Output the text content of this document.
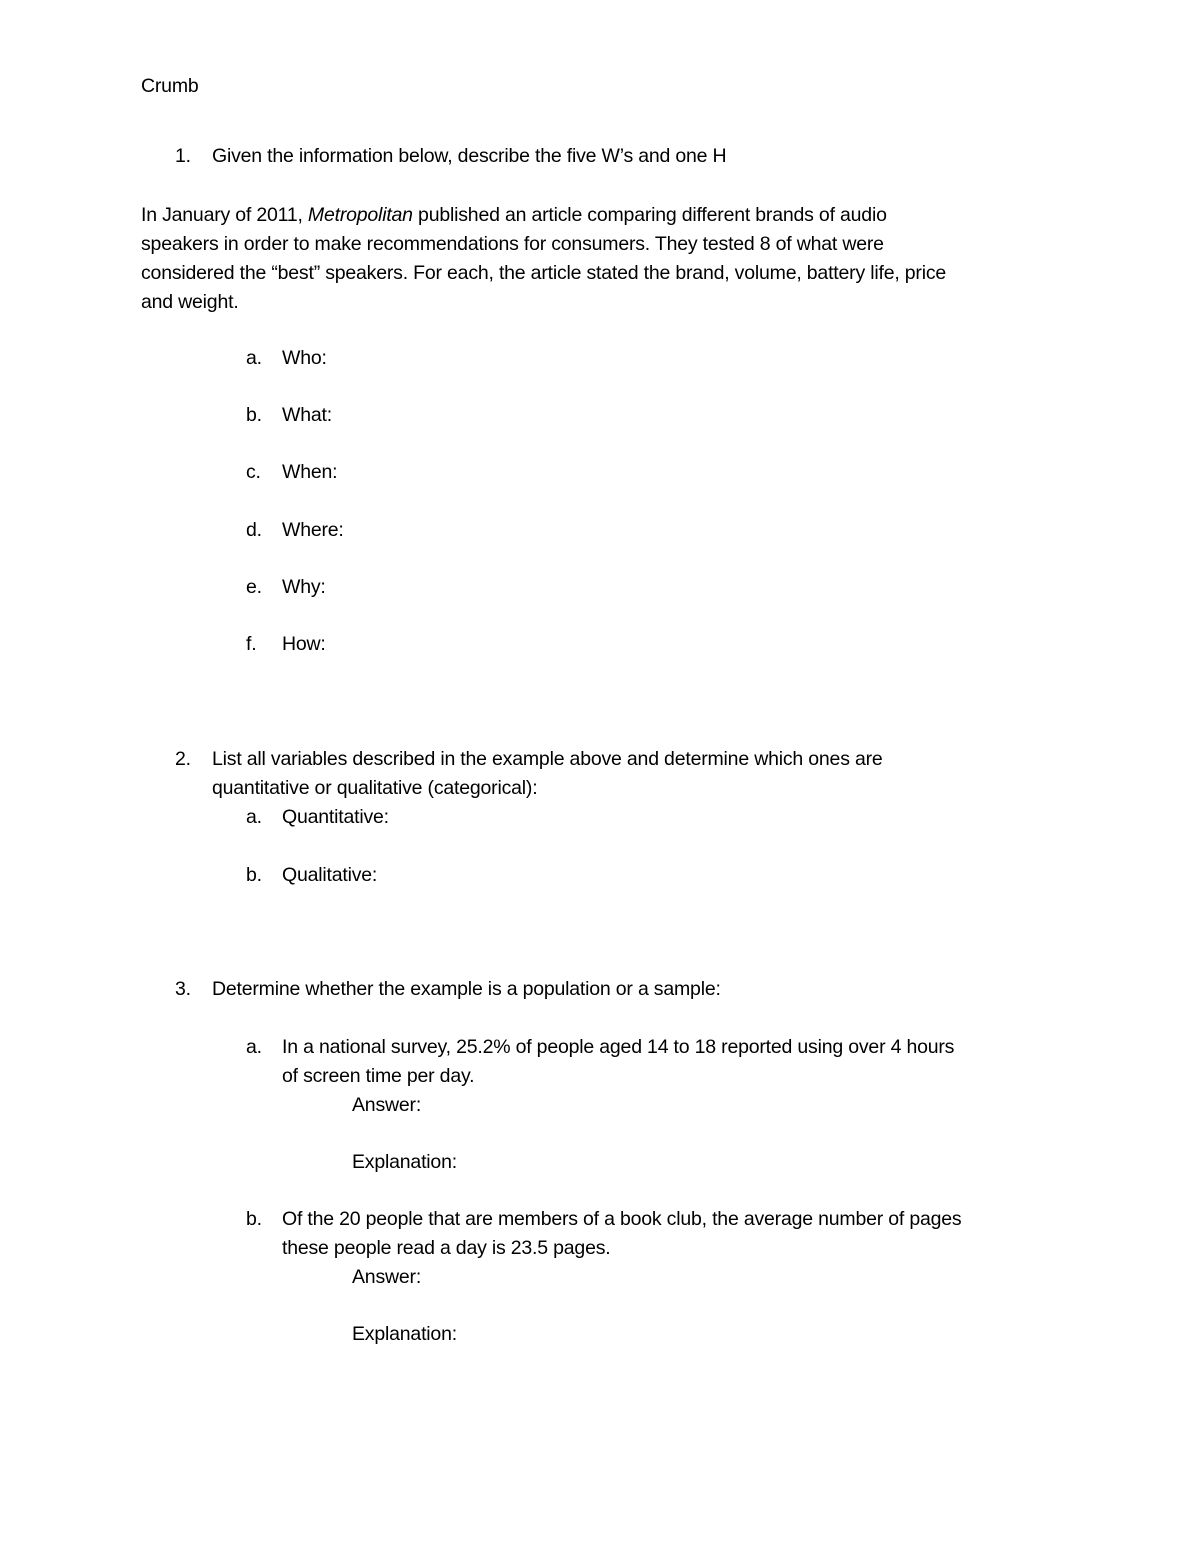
Crumb
1. Given the information below, describe the five W’s and one H
In January of 2011, Metropolitan published an article comparing different brands of audio
speakers in order to make recommendations for consumers. They tested 8 of what were
considered the “best” speakers. For each, the article stated the brand, volume, battery life, price
and weight.
a. Who:
b. What:
c. When:
d. Where:
e. Why:
f. How:
2. List all variables described in the example above and determine which ones are
quantitative or qualitative (categorical):
a. Quantitative:
b. Qualitative:
3. Determine whether the example is a population or a sample:
a. In a national survey, 25.2% of people aged 14 to 18 reported using over 4 hours
of screen time per day.
Answer:
Explanation:
b. Of the 20 people that are members of a book club, the average number of pages
these people read a day is 23.5 pages.
Answer:
Explanation:
